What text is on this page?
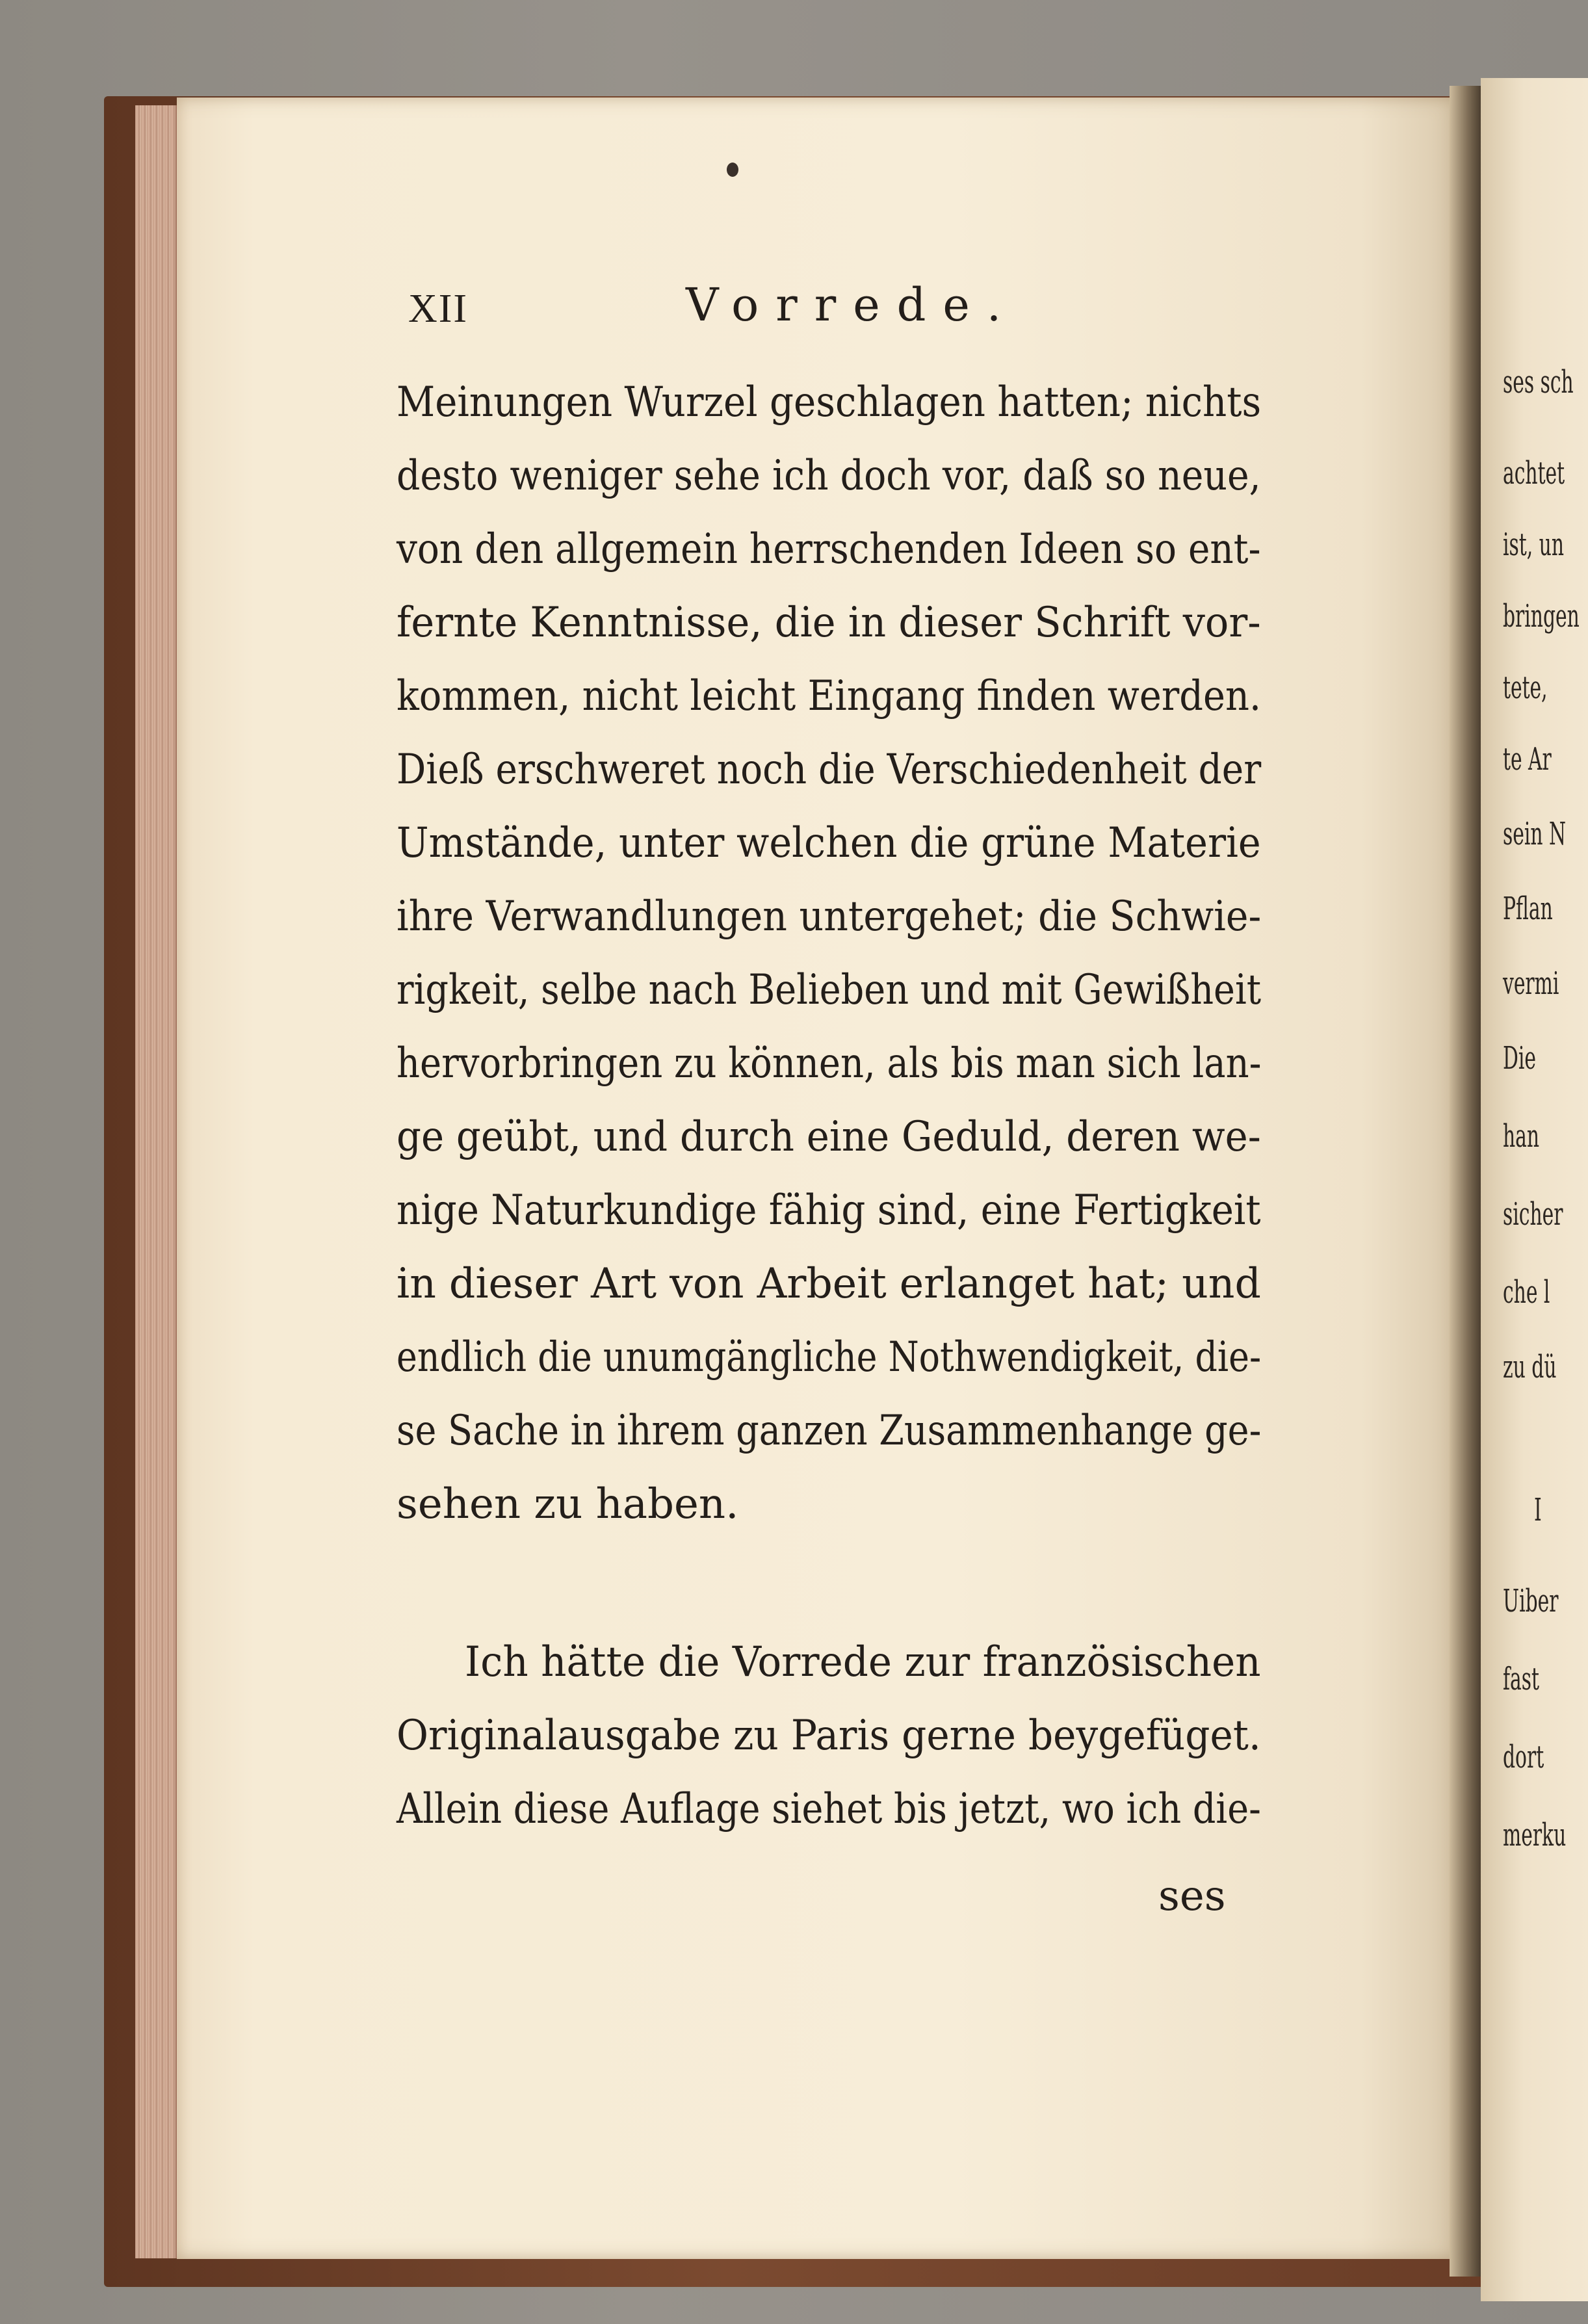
XII	Vorrede.
Meinungen Wurzel geschlagen hatten; nichts
desto weniger sehe ich doch vor, daß so neue,
von den allgemein herrschenden Ideen so ent-
fernte Kenntnisse, die in dieser Schrift vor-
kommen, nicht leicht Eingang finden werden.
Dieß erschweret noch die Verschiedenheit der
Umstände, unter welchen die grüne Materie
ihre Verwandlungen untergehet; die Schwie-
rigkeit, selbe nach Belieben und mit Gewißheit
hervorbringen zu können, als bis man sich lan-
ge geübt, und durch eine Geduld, deren we-
nige Naturkundige fähig sind, eine Fertigkeit
in dieser Art von Arbeit erlanget hat; und
endlich die unumgängliche Nothwendigkeit, die-
se Sache in ihrem ganzen Zusammenhange ge-
sehen zu haben.
Ich hätte die Vorrede zur französischen
Originalausgabe zu Paris gerne beygefüget.
Allein diese Auflage siehet bis jetzt, wo ich die-
ses
ses sch
achtet
ist, un
bringen
tete,
te Ar
sein N
Pflan
vermi
Die
han
sicher
che l
zu dü
I
Uiber
fast
dort
merku
